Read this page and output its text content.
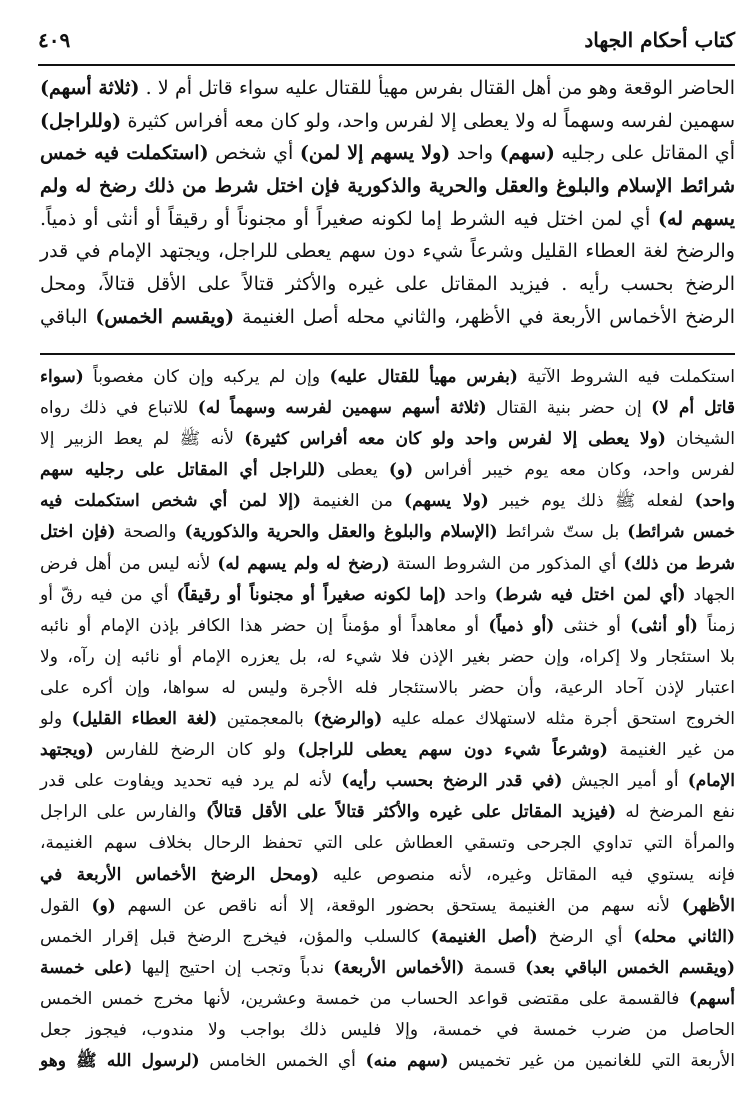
كتاب أحكام الجهاد
٤٠٩
الحاضر الوقعة وهو من أهل القتال بفرس مهيأ للقتال عليه سواء قاتل أم لا . (ثلاثة أسهم)
سهمين لفرسه وسهماً له ولا يعطى إلا لفرس واحد، ولو كان معه أفراس كثيرة (وللراجل)
أي المقاتل على رجليه (سهم) واحد (ولا يسهم إلا لمن) أي شخص (استكملت فيه خمس
شرائط الإسلام والبلوغ والعقل والحرية والذكورية فإن اختل شرط من ذلك رضخ له ولم
يسهم له) أي لمن اختل فيه الشرط إما لكونه صغيراً أو مجنوناً أو رقيقاً أو أنثى أو ذمياً.
والرضخ لغة العطاء القليل وشرعاً شيء دون سهم يعطى للراجل، ويجتهد الإمام في قدر
الرضخ بحسب رأيه . فيزيد المقاتل على غيره والأكثر قتالاً على الأقل قتالاً، ومحل
الرضخ الأخماس الأربعة في الأظهر، والثاني محله أصل الغنيمة (ويقسم الخمس) الباقي
استكملت فيه الشروط الآتية (بفرس مهيأ للقتال عليه) وإن لم يركبه وإن كان مغصوباً (سواء
قاتل أم لا) إن حضر بنية القتال (ثلاثة أسهم سهمين لفرسه وسهماً له) للاتباع في ذلك رواه
الشيخان (ولا يعطى إلا لفرس واحد ولو كان معه أفراس كثيرة) لأنه ﷺ لم يعط الزبير إلا
لفرس واحد، وكان معه يوم خيبر أفراس (و) يعطى (للراجل أي المقاتل على رجليه سهم
واحد) لفعله ﷺ ذلك يوم خيبر (ولا يسهم) من الغنيمة (إلا لمن أي شخص استكملت فيه
خمس شرائط) بل ستّ شرائط (الإسلام والبلوغ والعقل والحرية والذكورية) والصحة (فإن اختل
شرط من ذلك) أي المذكور من الشروط الستة (رضخ له ولم يسهم له) لأنه ليس من أهل فرض
الجهاد (أي لمن اختل فيه شرط) واحد (إما لكونه صغيراً أو مجنوناً أو رقيقاً) أي من فيه رقّ أو
زمناً (أو أنثى) أو خنثى (أو ذمياً) أو معاهداً أو مؤمناً إن حضر هذا الكافر بإذن الإمام أو نائبه
بلا استئجار ولا إكراه، وإن حضر بغير الإذن فلا شيء له، بل يعزره الإمام أو نائبه إن رآه، ولا
اعتبار لإذن آحاد الرعية، وأن حضر بالاستئجار فله الأجرة وليس له سواها، وإن أكره على
الخروج استحق أجرة مثله لاستهلاك عمله عليه (والرضخ) بالمعجمتين (لغة العطاء القليل) ولو
من غير الغنيمة (وشرعاً شيء دون سهم يعطى للراجل) ولو كان الرضخ للفارس (ويجتهد
الإمام) أو أمير الجيش (في قدر الرضخ بحسب رأيه) لأنه لم يرد فيه تحديد ويفاوت على قدر
نفع المرضخ له (فيزيد المقاتل على غيره والأكثر قتالاً على الأقل قتالاً) والفارس على الراجل
والمرأة التي تداوي الجرحى وتسقي العطاش على التي تحفظ الرحال بخلاف سهم الغنيمة،
فإنه يستوي فيه المقاتل وغيره، لأنه منصوص عليه (ومحل الرضخ الأخماس الأربعة في
الأظهر) لأنه سهم من الغنيمة يستحق بحضور الوقعة، إلا أنه ناقص عن السهم (و) القول
(الثاني محله) أي الرضخ (أصل الغنيمة) كالسلب والمؤن، فيخرج الرضخ قبل إقرار الخمس
(ويقسم الخمس الباقي بعد) قسمة (الأخماس الأربعة) ندباً وتجب إن احتيج إليها (على خمسة
أسهم) فالقسمة على مقتضى قواعد الحساب من خمسة وعشرين، لأنها مخرج خمس الخمس
الحاصل من ضرب خمسة في خمسة، وإلا فليس ذلك بواجب ولا مندوب، فيجوز جعل
الأربعة التي للغانمين من غير تخميس (سهم منه) أي الخمس الخامس (لرسول الله ﷺ وهو
